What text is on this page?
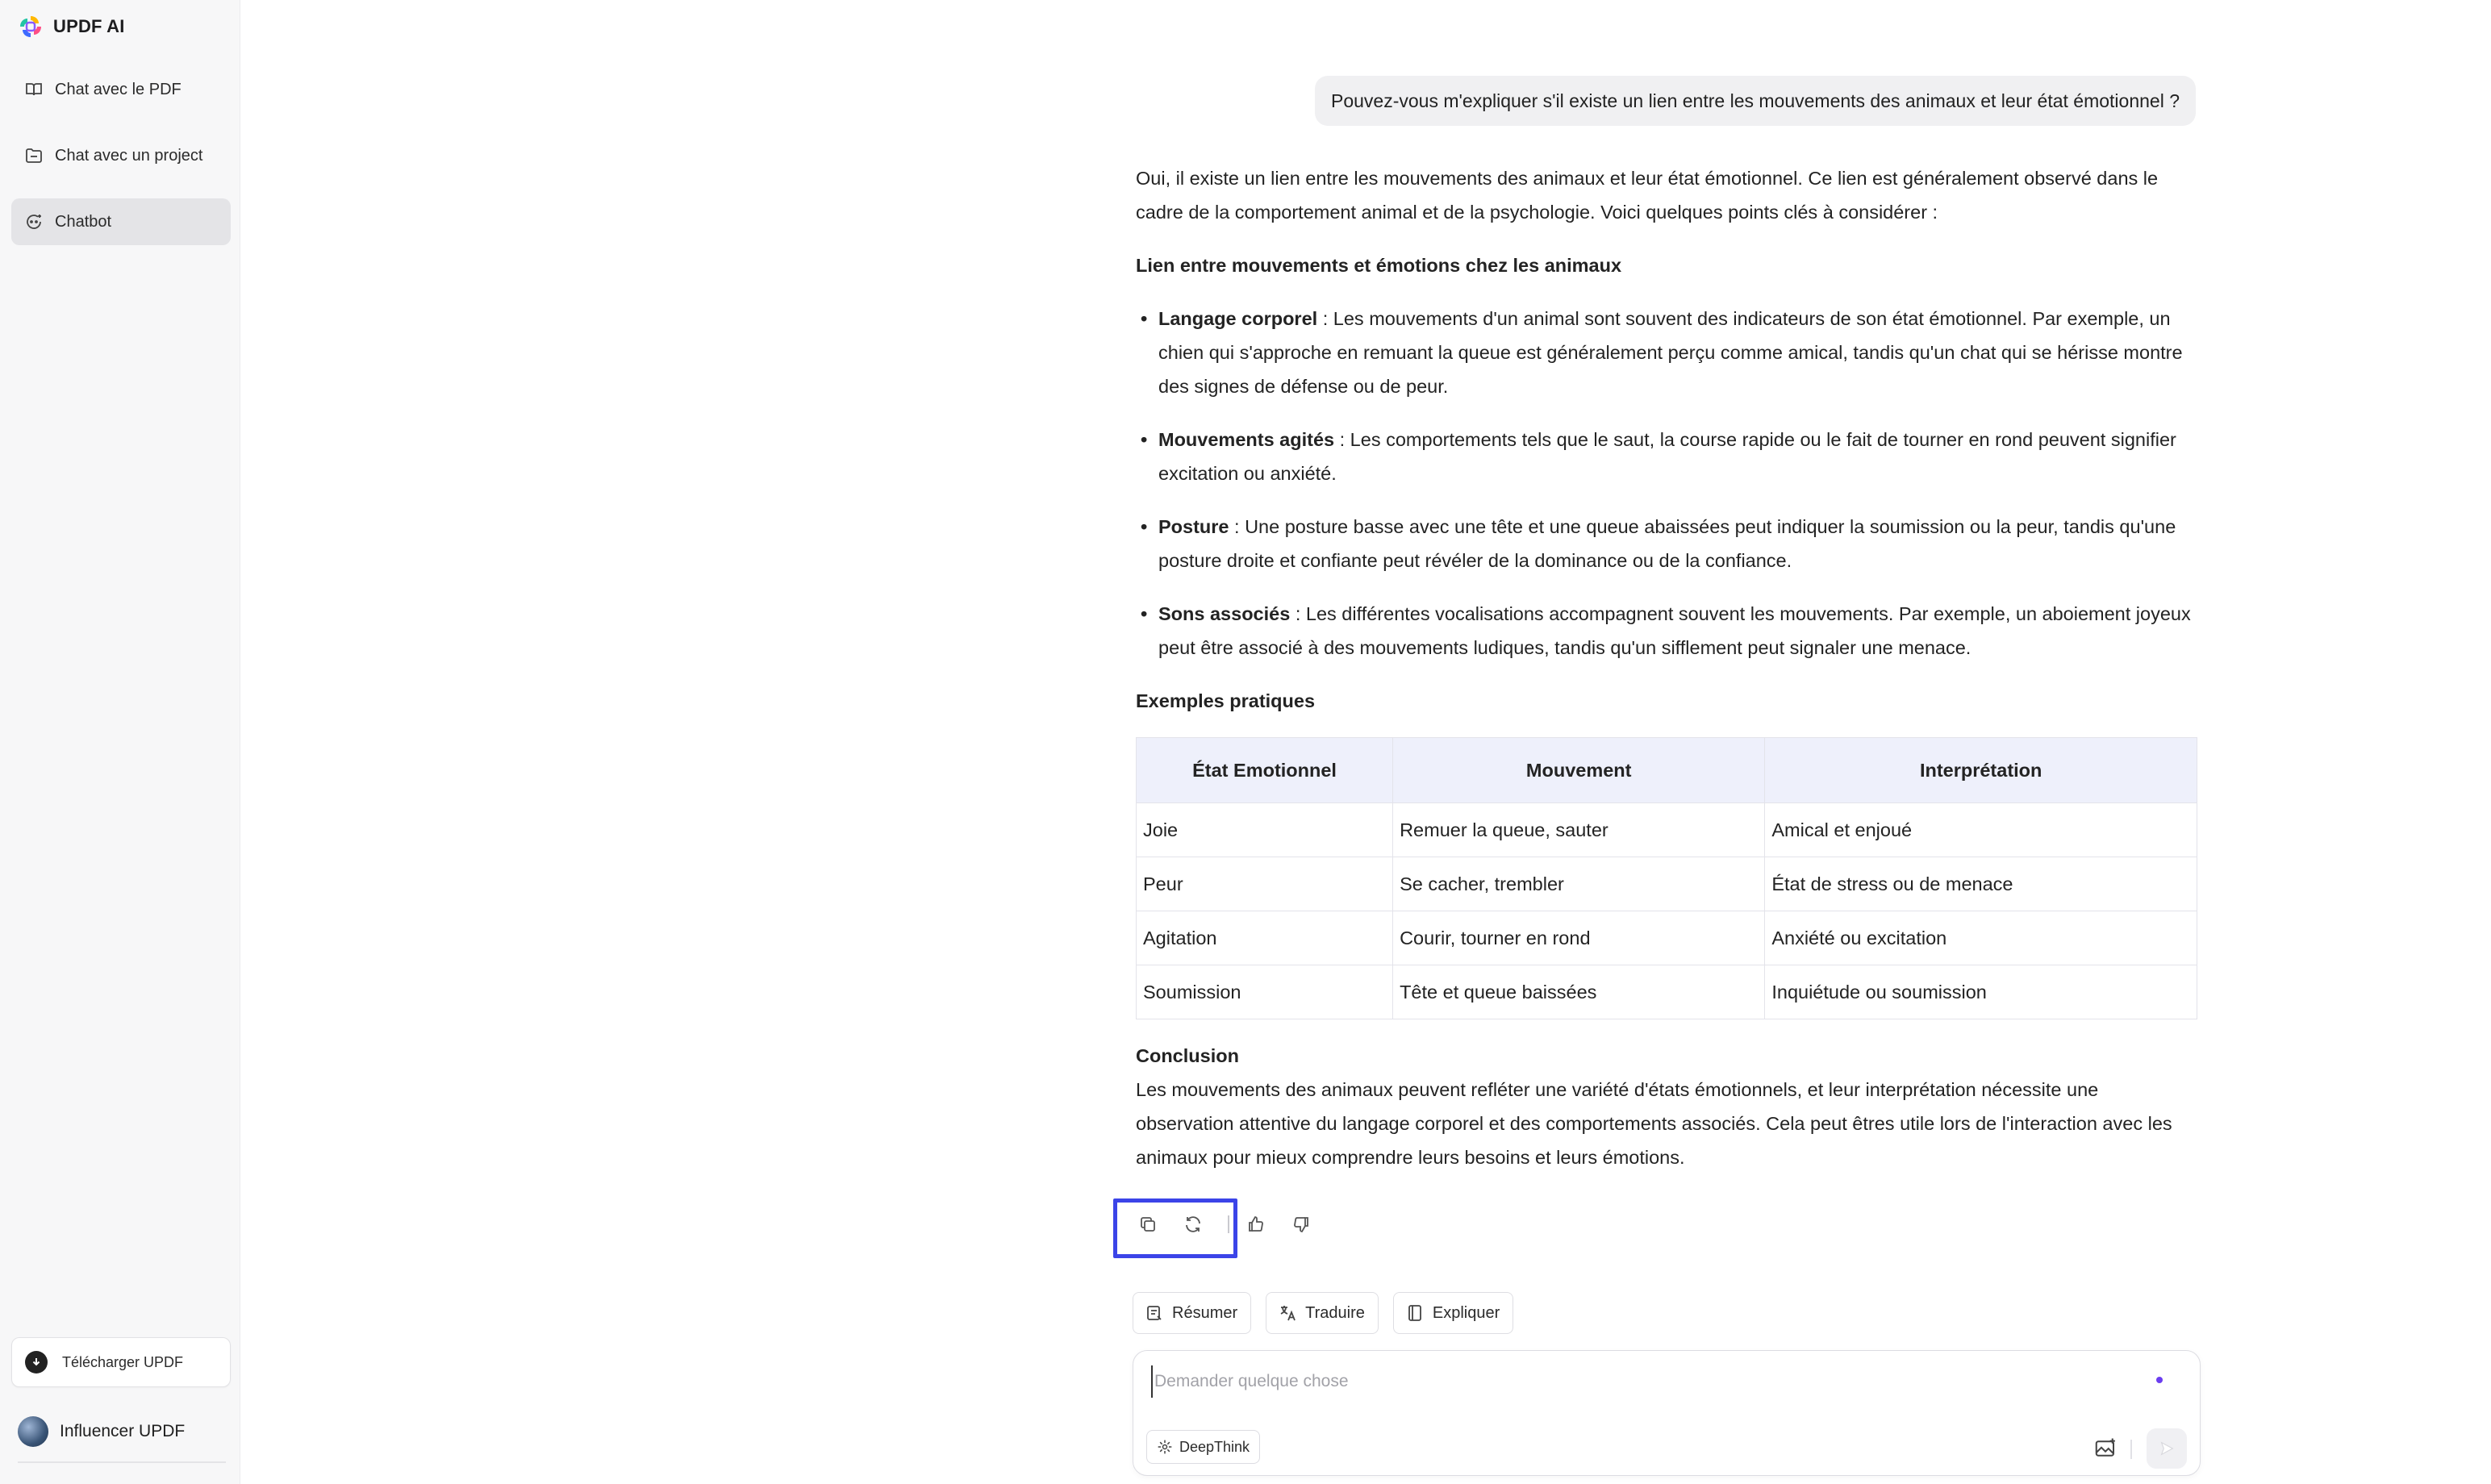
UPDF AI
Chat avec le PDF
Chat avec un project
Chatbot
Télécharger UPDF
Influencer UPDF
Pouvez-vous m'expliquer s'il existe un lien entre les mouvements des animaux et leur état émotionnel ?

Oui, il existe un lien entre les mouvements des animaux et leur état émotionnel. Ce lien est généralement observé dans le cadre de la comportement animal et de la psychologie. Voici quelques points clés à considérer :

Lien entre mouvements et émotions chez les animaux
• Langage corporel : Les mouvements d'un animal sont souvent des indicateurs de son état émotionnel. Par exemple, un chien qui s'approche en remuant la queue est généralement perçu comme amical, tandis qu'un chat qui se hérisse montre des signes de défense ou de peur.
• Mouvements agités : Les comportements tels que le saut, la course rapide ou le fait de tourner en rond peuvent signifier excitation ou anxiété.
• Posture : Une posture basse avec une tête et une queue abaissées peut indiquer la soumission ou la peur, tandis qu'une posture droite et confiante peut révéler de la dominance ou de la confiance.
• Sons associés : Les différentes vocalisations accompagnent souvent les mouvements. Par exemple, un aboiement joyeux peut être associé à des mouvements ludiques, tandis qu'un sifflement peut signaler une menace.
Exemples pratiques
État Emotionnel	Mouvement	Interprétation
Joie	Remuer la queue, sauter	Amical et enjoué
Peur	Se cacher, trembler	État de stress ou de menace
Agitation	Courir, tourner en rond	Anxiété ou excitation
Soumission	Tête et queue baissées	Inquiétude ou soumission
Conclusion

Les mouvements des animaux peuvent refléter une variété d'états émotionnels, et leur interprétation nécessite une observation attentive du langage corporel et des comportements associés. Cela peut êtres utile lors de l'interaction avec les animaux pour mieux comprendre leurs besoins et leurs émotions.

Résumer	Traduire	Expliquer
Demander quelque chose
DeepThink
